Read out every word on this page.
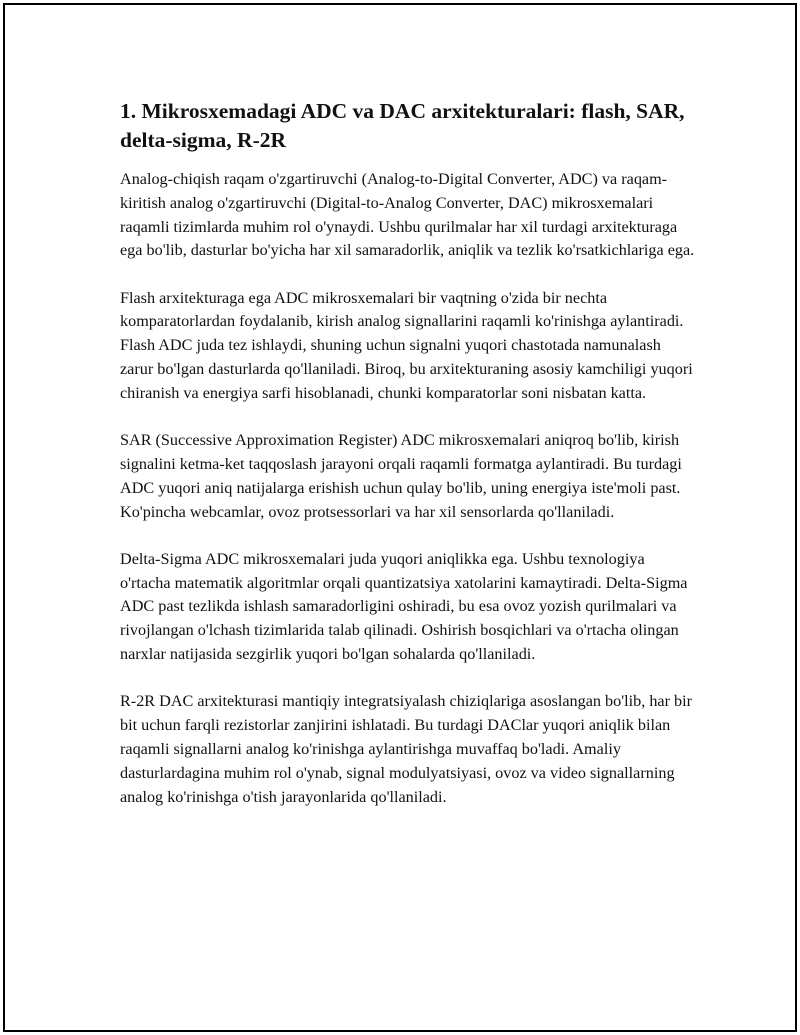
1. Mikrosxemadagi ADC va DAC arxitekturalari: flash, SAR, delta-sigma, R-2R

Analog-chiqish raqam o'zgartiruvchi (Analog-to-Digital Converter, ADC) va raqam-kiritish analog o'zgartiruvchi (Digital-to-Analog Converter, DAC) mikrosxemalari raqamli tizimlarda muhim rol o'ynaydi. Ushbu qurilmalar har xil turdagi arxitekturaga ega bo'lib, dasturlar bo'yicha har xil samaradorlik, aniqlik va tezlik ko'rsatkichlariga ega.

Flash arxitekturaga ega ADC mikrosxemalari bir vaqtning o'zida bir nechta komparatorlardan foydalanib, kirish analog signallarini raqamli ko'rinishga aylantiradi. Flash ADC juda tez ishlaydi, shuning uchun signalni yuqori chastotada namunalash zarur bo'lgan dasturlarda qo'llaniladi. Biroq, bu arxitekturaning asosiy kamchiligi yuqori chiranish va energiya sarfi hisoblanadi, chunki komparatorlar soni nisbatan katta.

SAR (Successive Approximation Register) ADC mikrosxemalari aniqroq bo'lib, kirish signalini ketma-ket taqqoslash jarayoni orqali raqamli formatga aylantiradi. Bu turdagi ADC yuqori aniq natijalarga erishish uchun qulay bo'lib, uning energiya iste'moli past. Ko'pincha webcamlar, ovoz protsessorlari va har xil sensorlarda qo'llaniladi.

Delta-Sigma ADC mikrosxemalari juda yuqori aniqlikka ega. Ushbu texnologiya o'rtacha matematik algoritmlar orqali quantizatsiya xatolarini kamaytiradi. Delta-Sigma ADC past tezlikda ishlash samaradorligini oshiradi, bu esa ovoz yozish qurilmalari va rivojlangan o'lchash tizimlarida talab qilinadi. Oshirish bosqichlari va o'rtacha olingan narxlar natijasida sezgirlik yuqori bo'lgan sohalarda qo'llaniladi.

R-2R DAC arxitekturasi mantiqiy integratsiyalash chiziqlariga asoslangan bo'lib, har bir bit uchun farqli rezistorlar zanjirini ishlatadi. Bu turdagi DAClar yuqori aniqlik bilan raqamli signallarni analog ko'rinishga aylantirishga muvaffaq bo'ladi. Amaliy dasturlardagina muhim rol o'ynab, signal modulyatsiyasi, ovoz va video signallarning analog ko'rinishga o'tish jarayonlarida qo'llaniladi.
